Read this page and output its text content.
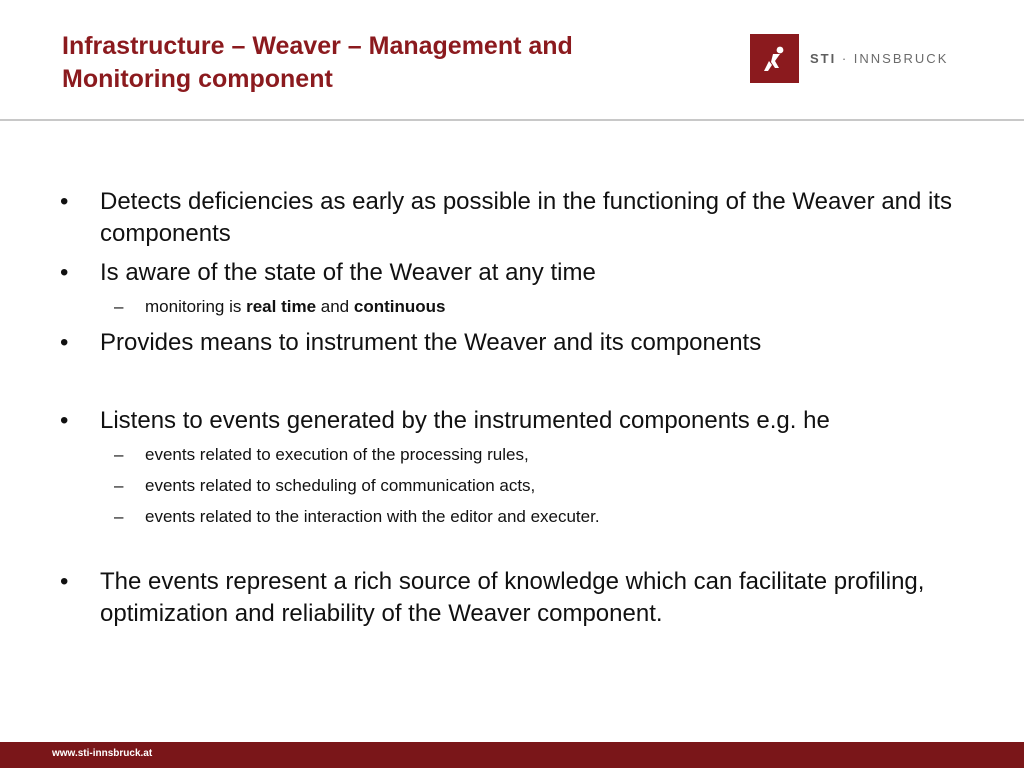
Infrastructure – Weaver – Management and
Monitoring component
STI · INNSBRUCK
• Detects deficiencies as early as possible in the functioning of the Weaver and its components
• Is aware of the state of the Weaver at any time
– monitoring is real time and continuous
• Provides means to instrument the Weaver and its components
• Listens to events generated by the instrumented components e.g. he
– events related to execution of the processing rules,
– events related to scheduling of communication acts,
– events related to the interaction with the editor and executer.
• The events represent a rich source of knowledge which can facilitate profiling, optimization and reliability of the Weaver component.
www.sti-innsbruck.at
